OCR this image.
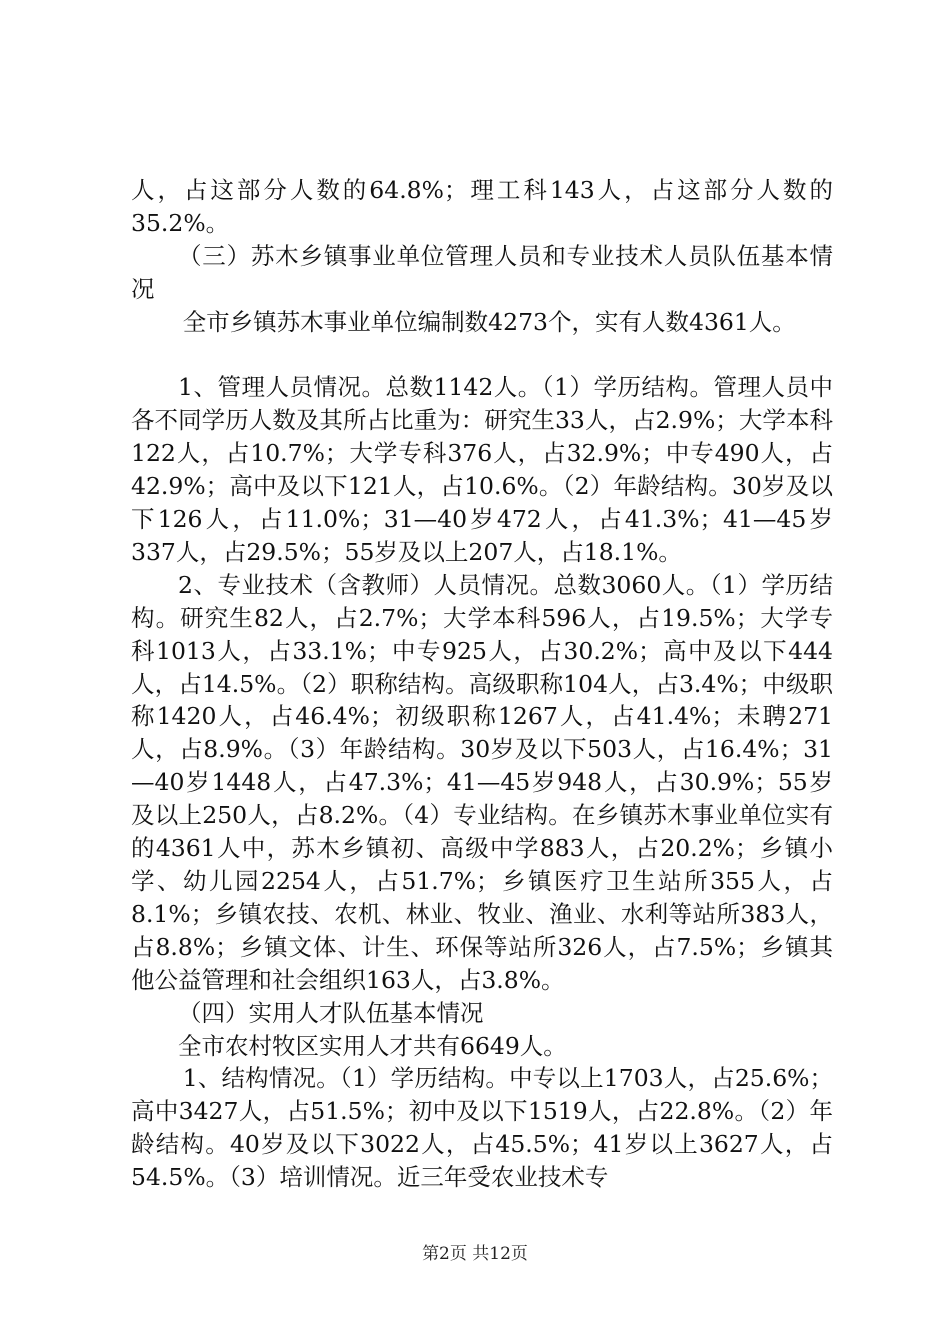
人，占这部分人数的64.8%；理工科143人，占这部分人数的35.2%。

（三）苏木乡镇事业单位管理人员和专业技术人员队伍基本情况

全市乡镇苏木事业单位编制数4273个，实有人数4361人。

1、管理人员情况。总数1142人。（1）学历结构。管理人员中各不同学历人数及其所占比重为：研究生33人，占2.9%；大学本科122人，占10.7%；大学专科376人，占32.9%；中专490人，占42.9%；高中及以下121人，占10.6%。（2）年龄结构。30岁及以下126人，占11.0%；31—40岁472人，占41.3%；41—45岁337人，占29.5%；55岁及以上207人，占18.1%。

2、专业技术（含教师）人员情况。总数3060人。（1）学历结构。研究生82人，占2.7%；大学本科596人，占19.5%；大学专科1013人，占33.1%；中专925人，占30.2%；高中及以下444人，占14.5%。（2）职称结构。高级职称104人，占3.4%；中级职称1420人，占46.4%；初级职称1267人，占41.4%；未聘271人，占8.9%。（3）年龄结构。30岁及以下503人，占16.4%；31—40岁1448人，占47.3%；41—45岁948人，占30.9%；55岁及以上250人，占8.2%。（4）专业结构。在乡镇苏木事业单位实有的4361人中，苏木乡镇初、高级中学883人，占20.2%；乡镇小学、幼儿园2254人，占51.7%；乡镇医疗卫生站所355人，占8.1%；乡镇农技、农机、林业、牧业、渔业、水利等站所383人，占8.8%；乡镇文体、计生、环保等站所326人，占7.5%；乡镇其他公益管理和社会组织163人，占3.8%。

（四）实用人才队伍基本情况

全市农村牧区实用人才共有6649人。

1、结构情况。（1）学历结构。中专以上1703人，占25.6%；高中3427人，占51.5%；初中及以下1519人，占22.8%。（2）年龄结构。40岁及以下3022人，占45.5%；41岁以上3627人，占54.5%。（3）培训情况。近三年受农业技术专

第2页 共12页
